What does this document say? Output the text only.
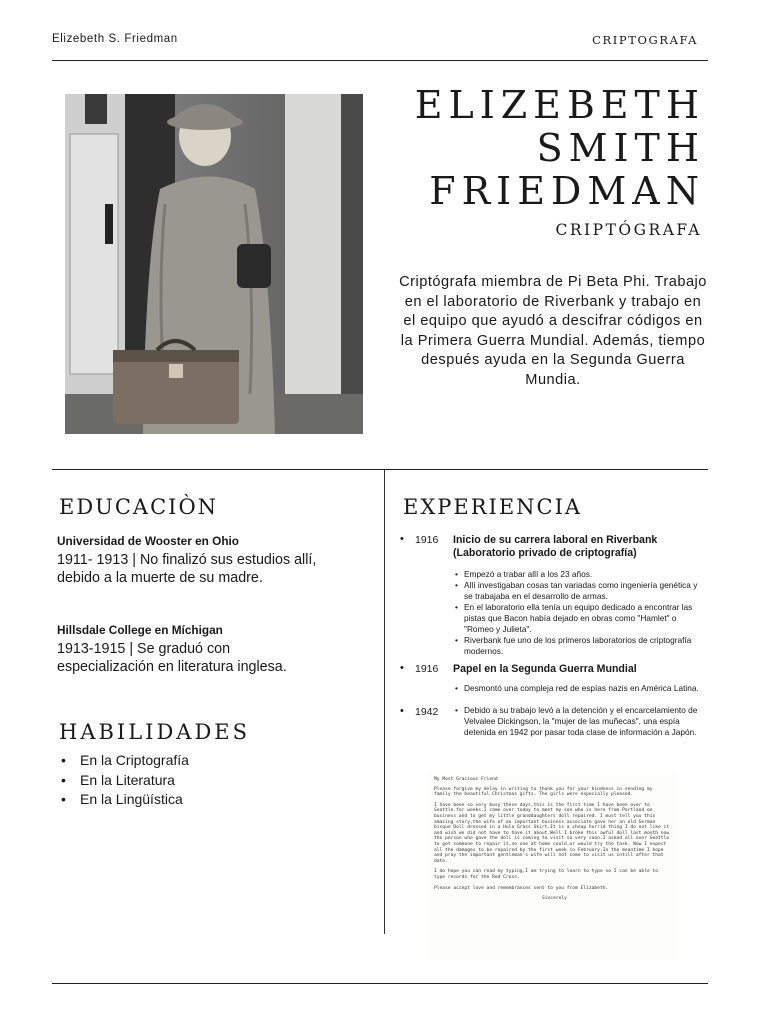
Elizebeth S. Friedman	CRIPTOGRAFA
ELIZEBETH
SMITH
FRIEDMAN
CRIPTÓGRAFA
Criptógrafa miembra de Pi Beta Phi. Trabajo en el laboratorio de Riverbank y trabajo en el equipo que ayudó a descifrar códigos en la Primera Guerra Mundial. Además, tiempo después ayuda en la Segunda Guerra Mundia.
EDUCACIÒN
Universidad de Wooster en Ohio
1911- 1913 | No finalizó sus estudios allí, debido a la muerte de su madre.
Hillsdale College en Míchigan
1913-1915 | Se graduó con especialización en literatura inglesa.
HABILIDADES
• En la Criptografía
• En la Literatura
• En la Lingüística
EXPERIENCIA
• 1916 Inicio de su carrera laboral en Riverbank (Laboratorio privado de criptografía)
• Empezó a trabar allí a los 23 años.
• Allí investigaban cosas tan variadas como ingeniería genética y se trabajaba en el desarrollo de armas.
• En el laboratorio ella tenía un equipo dedicado a encontrar las pistas que Bacon había dejado en obras como "Hamlet" o "Romeo y Julieta".
• Riverbank fue uno de los primeros laboratorios de criptografía modernos.
• 1916 Papel en la Segunda Guerra Mundial
• Desmontó una compleja red de espías nazis en América Latina.
• 1942
•	Debido a su trabajo levó a la detención y el encarcelamiento de Velvalee Dickingson, la "mujer de las muñecas", una espía detenida en 1942 por pasar toda clase de información a Japón.
My Most Gracious Friend
Please forgive my delay in writing to thank you for your kindness in sending my family the beautiful Christmas gifts. The girls were especially pleased.
I have been so very busy these days,this is the first time I have been over to Seattle for weeks.I came over today to meet my son who is here from Portland on business and to get my little granddaughters doll repaired. I must tell you this amazing story,the wife of an important business associate gave her an old German bisque Doll dressed in a Hula Grass Skirt.It is a cheap horrid thing I do not like it and wish we did not have to have it about.Well I broke this awful doll last month now the person who gave the doll is coming to visit so very soon.I asked all over Seattle to get someone to repair it,no one at home could,or would try the task. Now I expect all the damages to be repaired by the first week in February.In the meantime I hope and pray the important gentleman's wife will not come to visit us intill after that date.
I do hope you can read my typing,I am trying to learn to type so I can be able to type records for the Red Cross.
Please accept love and remembrances sent to you from Elizabeth.
Sincerely
